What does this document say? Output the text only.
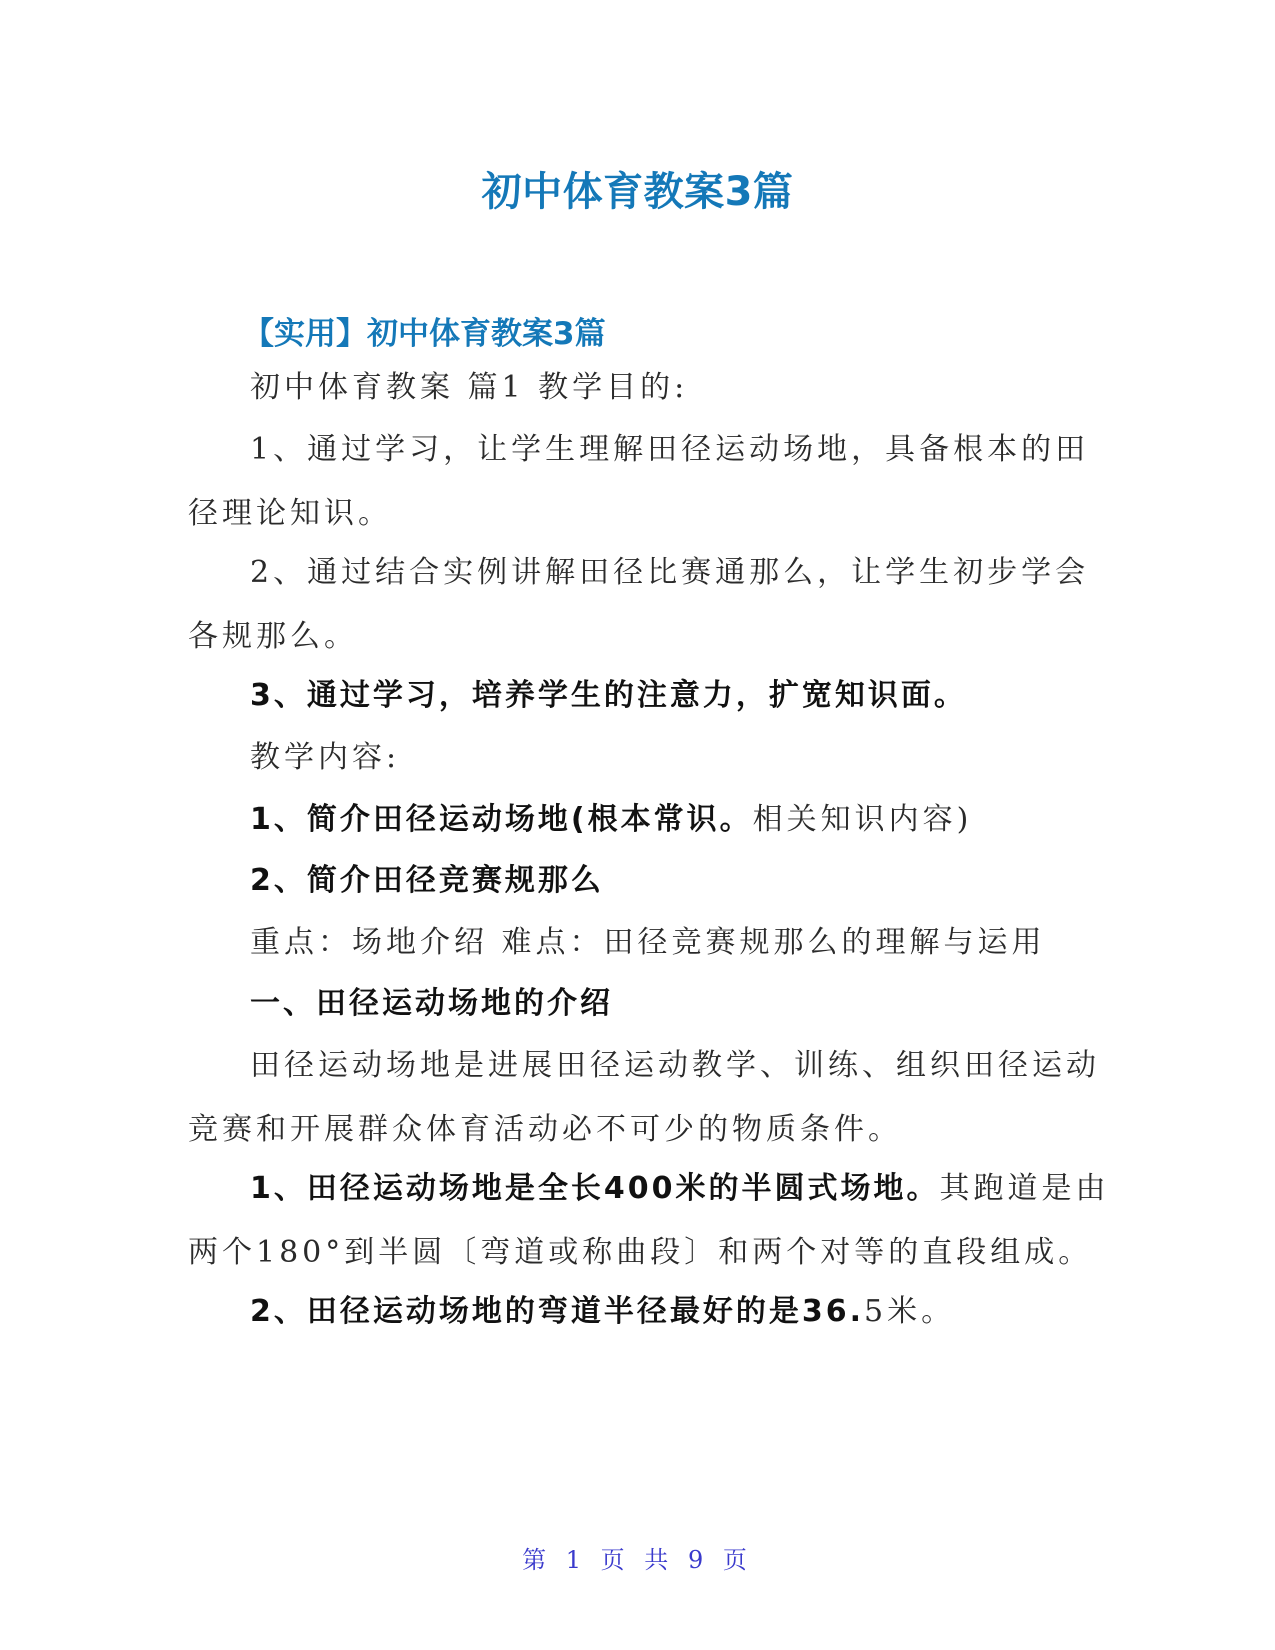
初中体育教案3篇
【实用】初中体育教案3篇
初中体育教案 篇1 教学目的:
1、通过学习，让学生理解田径运动场地，具备根本的田
径理论知识。
2、通过结合实例讲解田径比赛通那么，让学生初步学会
各规那么。
3、通过学习，培养学生的注意力，扩宽知识面。
教学内容:
1、简介田径运动场地(根本常识。相关知识内容)
2、简介田径竞赛规那么
重点：场地介绍 难点：田径竞赛规那么的理解与运用
一、田径运动场地的介绍
田径运动场地是进展田径运动教学、训练、组织田径运动
竞赛和开展群众体育活动必不可少的物质条件。
1、田径运动场地是全长400米的半圆式场地。其跑道是由
两个180°到半圆〔弯道或称曲段〕和两个对等的直段组成。
2、田径运动场地的弯道半径最好的是36.5米。
第 1 页 共 9 页
